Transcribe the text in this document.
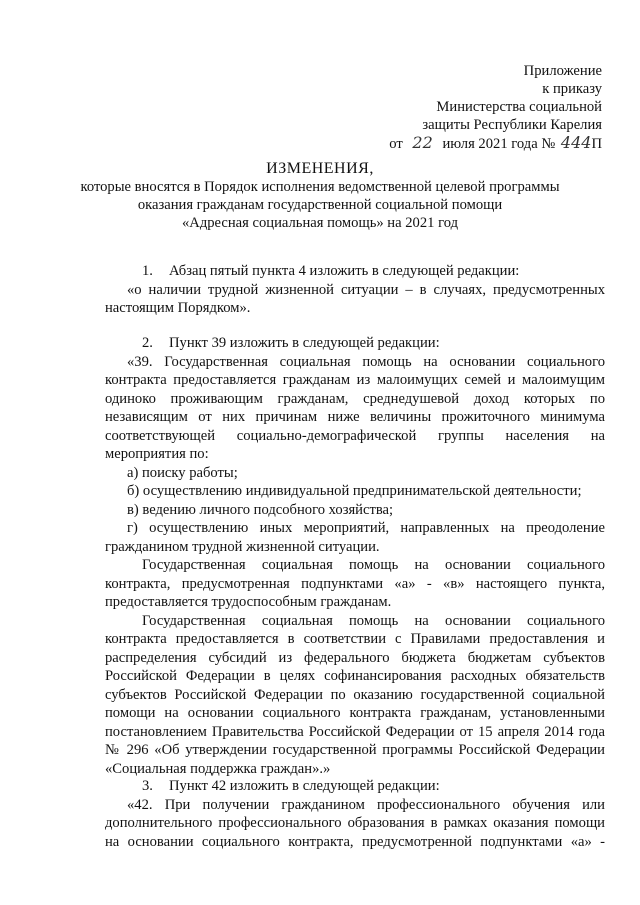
Приложение
к приказу
Министерства социальной
защиты Республики Карелия
от 22 июля 2021 года № 444П
ИЗМЕНЕНИЯ,
которые вносятся в Порядок исполнения ведомственной целевой программы
оказания гражданам государственной социальной помощи
«Адресная социальная помощь» на 2021 год

1. Абзац пятый пункта 4 изложить в следующей редакции:

«о наличии трудной жизненной ситуации – в случаях, предусмотренных настоящим Порядком».

2. Пункт 39 изложить в следующей редакции:

«39. Государственная социальная помощь на основании социального контракта предоставляется гражданам из малоимущих семей и малоимущим одиноко проживающим гражданам, среднедушевой доход которых по независящим от них причинам ниже величины прожиточного минимума соответствующей социально-демографической группы населения на мероприятия по:

а) поиску работы;

б) осуществлению индивидуальной предпринимательской деятельности;

в) ведению личного подсобного хозяйства;

г) осуществлению иных мероприятий, направленных на преодоление гражданином трудной жизненной ситуации.

Государственная социальная помощь на основании социального контракта, предусмотренная подпунктами «а» - «в» настоящего пункта, предоставляется трудоспособным гражданам.

Государственная социальная помощь на основании социального контракта предоставляется в соответствии с Правилами предоставления и распределения субсидий из федерального бюджета бюджетам субъектов Российской Федерации в целях софинансирования расходных обязательств субъектов Российской Федерации по оказанию государственной социальной помощи на основании социального контракта гражданам, установленными постановлением Правительства Российской Федерации от 15 апреля 2014 года № 296 «Об утверждении государственной программы Российской Федерации «Социальная поддержка граждан».»

3. Пункт 42 изложить в следующей редакции:

«42. При получении гражданином профессионального обучения или дополнительного профессионального образования в рамках оказания помощи на основании социального контракта, предусмотренной подпунктами «а» -
